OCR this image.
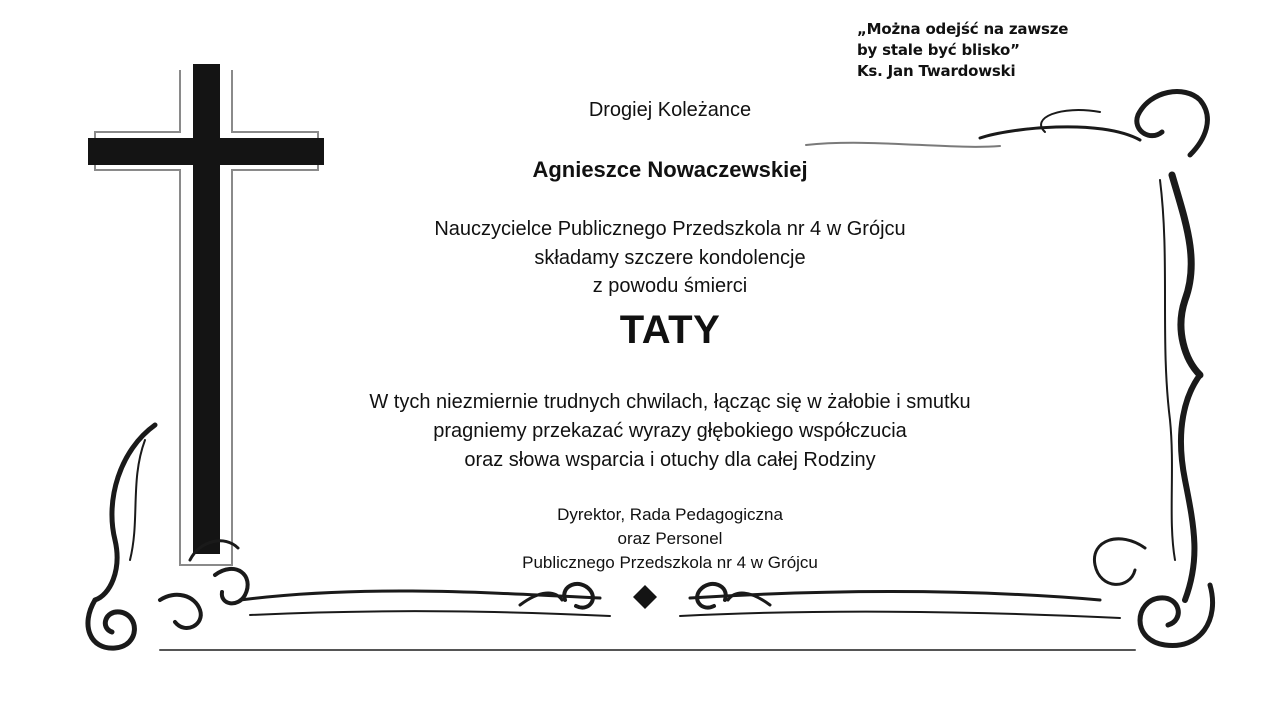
„Można odejść na zawsze
by stale być blisko”
Ks. Jan Twardowski
Drogiej Koleżance
Agnieszce Nowaczewskiej
Nauczycielce Publicznego Przedszkola nr 4 w Grójcu
składamy szczere kondolencje
z powodu śmierci
TATY
W tych niezmiernie trudnych chwilach, łącząc się w żałobie i smutku
pragniemy przekazać wyrazy głębokiego współczucia
oraz słowa wsparcia i otuchy dla całej Rodziny
Dyrektor, Rada Pedagogiczna
oraz Personel
Publicznego Przedszkola nr 4 w Grójcu
